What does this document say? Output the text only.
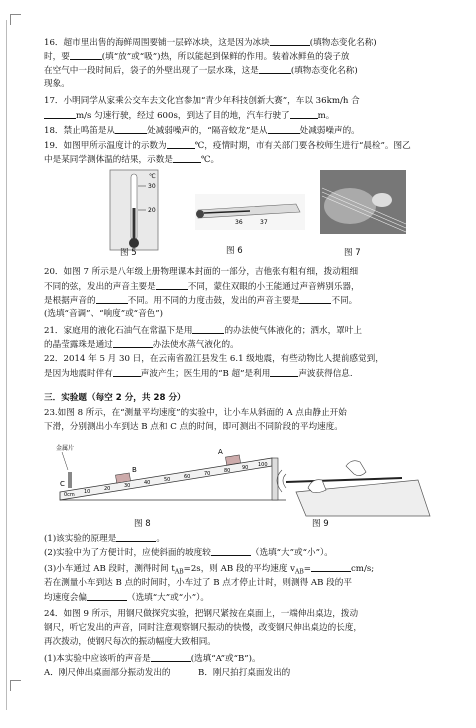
16．超市里出售的海鲜周围要铺一层碎冰块，这是因为冰块	(填物态变化名称)
时，要	(填“放”或“吸”)热，所以能起到保鲜的作用。装着冰鲜鱼的袋子放
在空气中一段时间后，袋子的外壁出现了一层水珠，这是	(填物态变化名称)
现象。
17．小明同学从家乘公交车去文化宫参加“青少年科技创新大赛”，车以 36km/h 合
m/s 匀速行驶，经过 600s，到达了目的地，汽车行驶了	m。
18．禁止鸣笛是从	处减弱噪声的，“隔音蛟龙”是从	处减弱噪声的。
19．如图甲所示温度计的示数为	℃，疫情时期，市有关部门要各校师生进行“晨检”。图乙
中是某同学测体温的结果，示数是	℃。
℃
30
20
36	37
图 5	图 6	图 7
20．如图 7 所示是八年级上册物理课本封面的一部分，吉他张有粗有细，拨动粗细
不同的弦，发出的声音主要是	不同，蒙住双眼的小王能通过声音辨别乐器，
是根据声音的	不同。用不同的力度击鼓，发出的声音主要是	不同。
(选填“音调”、“响度”或“音色”)
21．家庭用的液化石油气在常温下是用	的办法使气体液化的；洒水，罩叶上
的晶莹露珠是通过	办法使水蒸气液化的。
22．2014 年 5 月 30 日，在云南省盈江县发生 6.1 级地震，有些动物比人提前感觉到，
是因为地震时伴有	声波产生；医生用的“B 超”是利用	声波获得信息.
三．实验题（每空 2 分，共 28 分）
23.如图 8 所示，在“测量平均速度”的实验中，让小车从斜面的 A 点由静止开始
下滑，分别测出小车到达 B 点和 C 点的时间，即可测出不同阶段的平均速度。
金属片
C
B
A
0cm 10	20	30	40	50	60	70	80 90 100
图 8	图 9
(1)该实验的原理是	。
(2)实验中为了方便计时，应使斜面的坡度较	（选填“大”或“小”）。
(3)小车通过 AB 段时，测得时间 $t_{AB}=2s$，则 AB 段的平均速度 $v_{AB}=$	cm/s;
若在测量小车到达 B 点的时间时，小车过了 B 点才停止计时，则测得 AB 段的平
均速度会偏	（选填“大”或“小”）。
24．如图 9 所示，用钢尺做探究实验，把钢尺紧按在桌面上，一端伸出桌边，拨动
钢尺，听它发出的声音，同时注意观察钢尺振动的快慢，改变钢尺伸出桌边的长度，
再次拨动，使钢尺每次的振动幅度大致相同。
(1)本实验中应该听的声音是	(选填“A”或“B”)。
A．刚尺伸出桌面部分振动发出的	B．刚尺拍打桌面发出的
